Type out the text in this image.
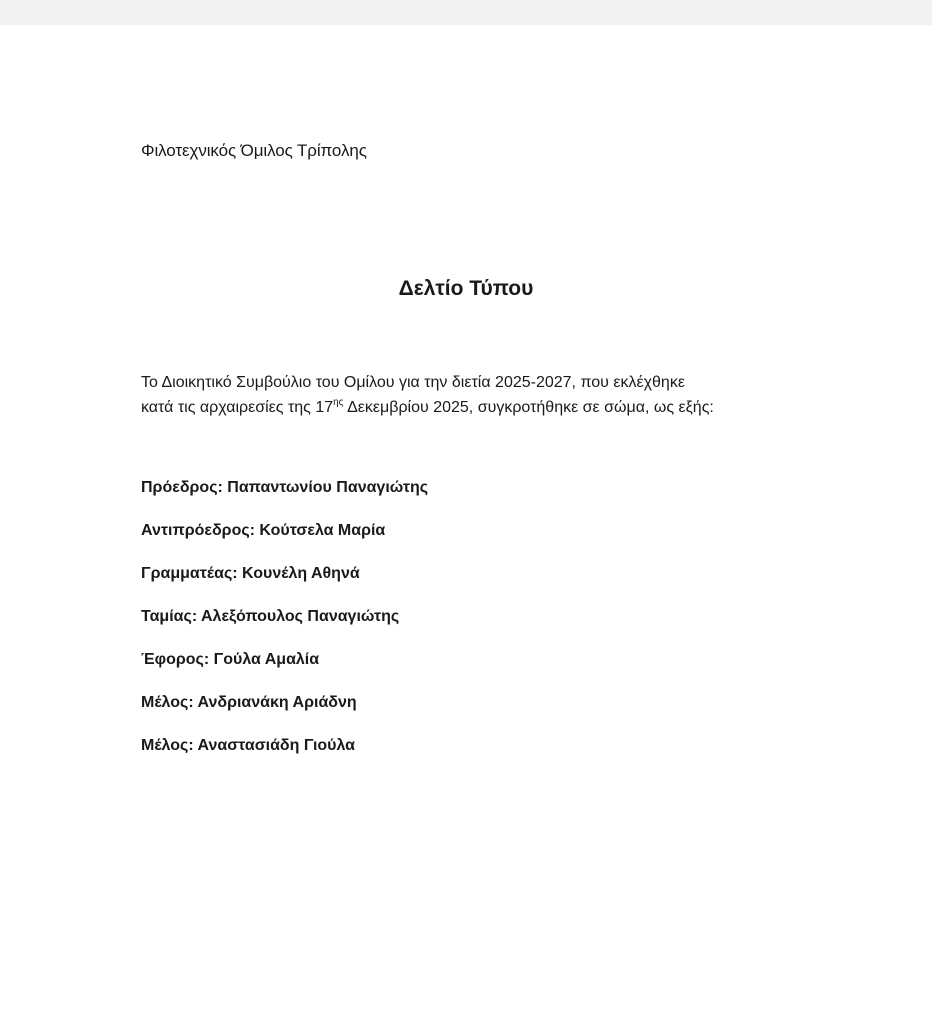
Φιλοτεχνικός Όμιλος Τρίπολης
Δελτίο Τύπου
Το Διοικητικό Συμβούλιο του Ομίλου για την διετία 2025-2027, που εκλέχθηκε
κατά τις αρχαιρεσίες της $17^{\eta\varsigma}$ Δεκεμβρίου 2025, συγκροτήθηκε σε σώμα, ως εξής:
Πρόεδρος: Παπαντωνίου Παναγιώτης
Αντιπρόεδρος: Κούτσελα Μαρία
Γραμματέας: Κουνέλη Αθηνά
Ταμίας: Αλεξόπουλος Παναγιώτης
Έφορος: Γούλα Αμαλία
Μέλος: Ανδριανάκη Αριάδνη
Μέλος: Αναστασιάδη Γιούλα
